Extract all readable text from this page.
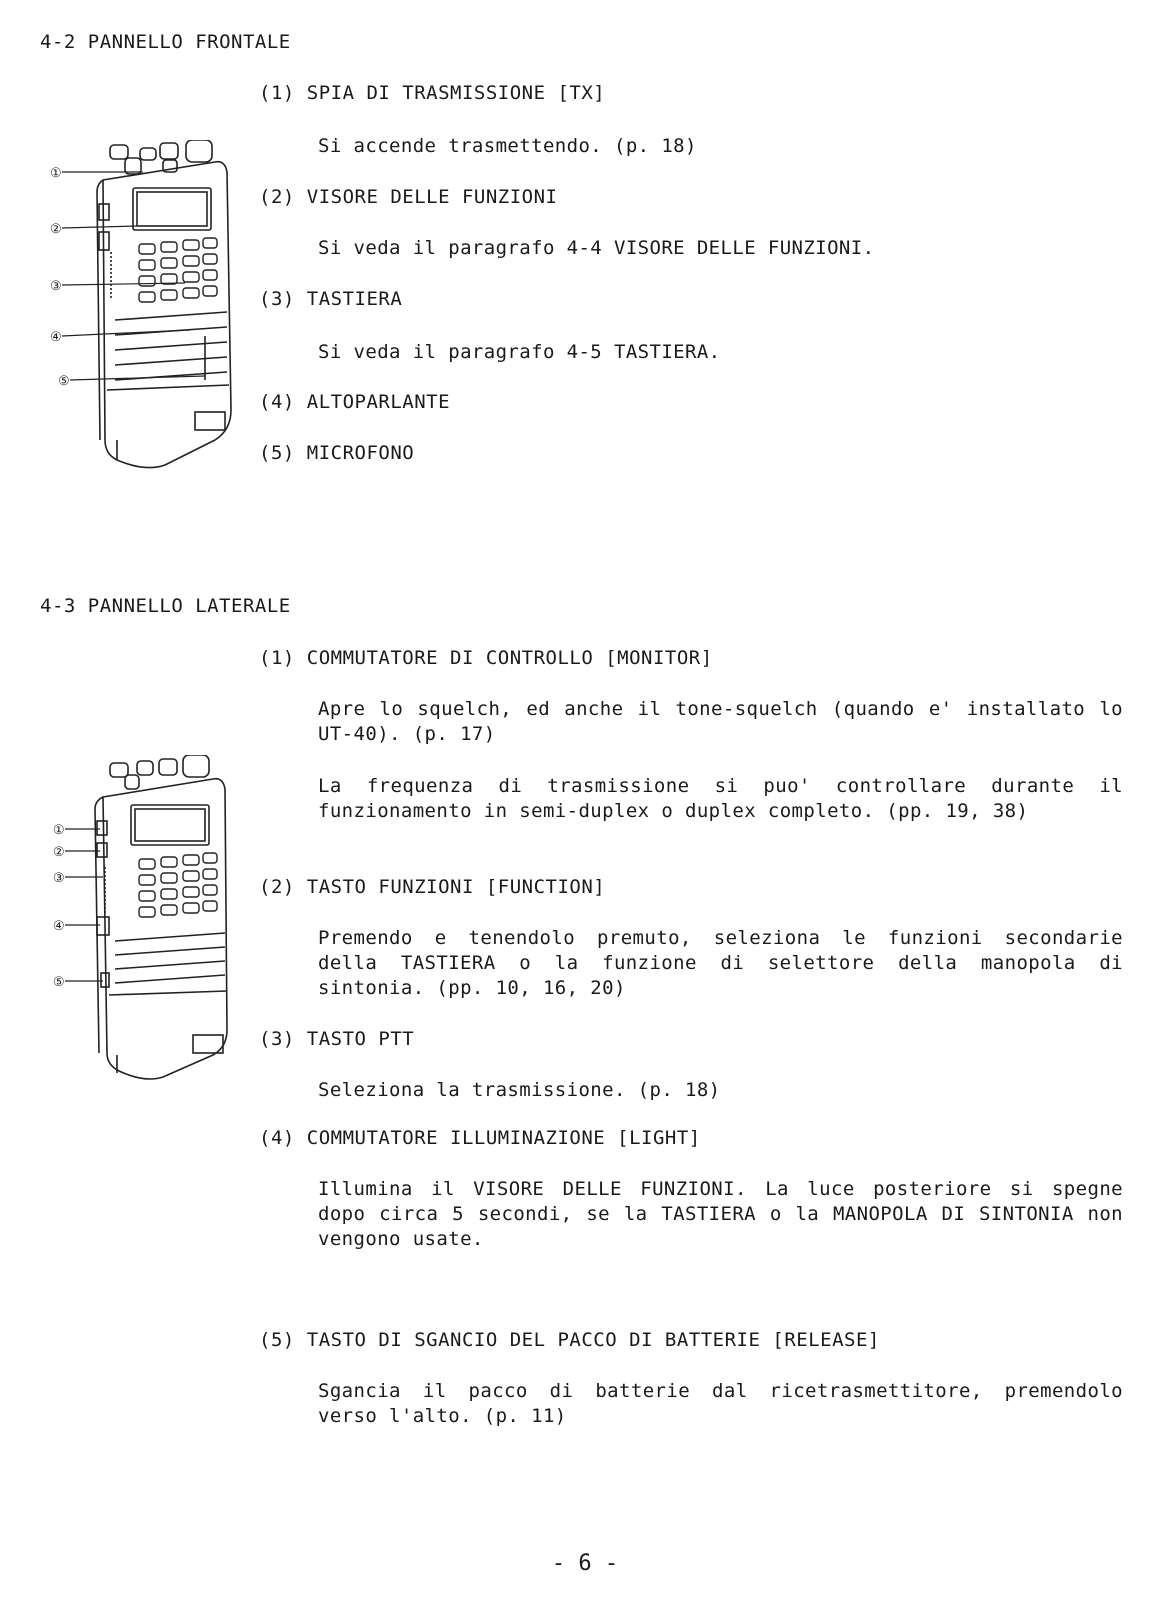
4-2 PANNELLO FRONTALE
(1) SPIA DI TRASMISSIONE [TX]
Si accende trasmettendo. (p. 18)
(2) VISORE DELLE FUNZIONI
Si veda il paragrafo 4-4 VISORE DELLE FUNZIONI.
(3) TASTIERA
Si veda il paragrafo 4-5 TASTIERA.
(4) ALTOPARLANTE
(5) MICROFONO
①
②
③
④
⑤
4-3 PANNELLO LATERALE
(1) COMMUTATORE DI CONTROLLO [MONITOR]
Apre lo squelch, ed anche il tone-squelch (quando e' installato lo UT-40). (p. 17)
La frequenza di trasmissione si puo' controllare durante il funzionamento in semi-duplex o duplex completo. (pp. 19, 38)
(2) TASTO FUNZIONI [FUNCTION]
Premendo e tenendolo premuto, seleziona le funzioni secondarie della TASTIERA o la funzione di selettore della manopola di sintonia. (pp. 10, 16, 20)
(3) TASTO PTT
Seleziona la trasmissione. (p. 18)
(4) COMMUTATORE ILLUMINAZIONE [LIGHT]
Illumina il VISORE DELLE FUNZIONI. La luce posteriore si spegne dopo circa 5 secondi, se la TASTIERA o la MANOPOLA DI SINTONIA non vengono usate.
(5) TASTO DI SGANCIO DEL PACCO DI BATTERIE [RELEASE]
Sgancia il pacco di batterie dal ricetrasmettitore, premendolo verso l'alto. (p. 11)
①
②
③
④
⑤
- 6 -
